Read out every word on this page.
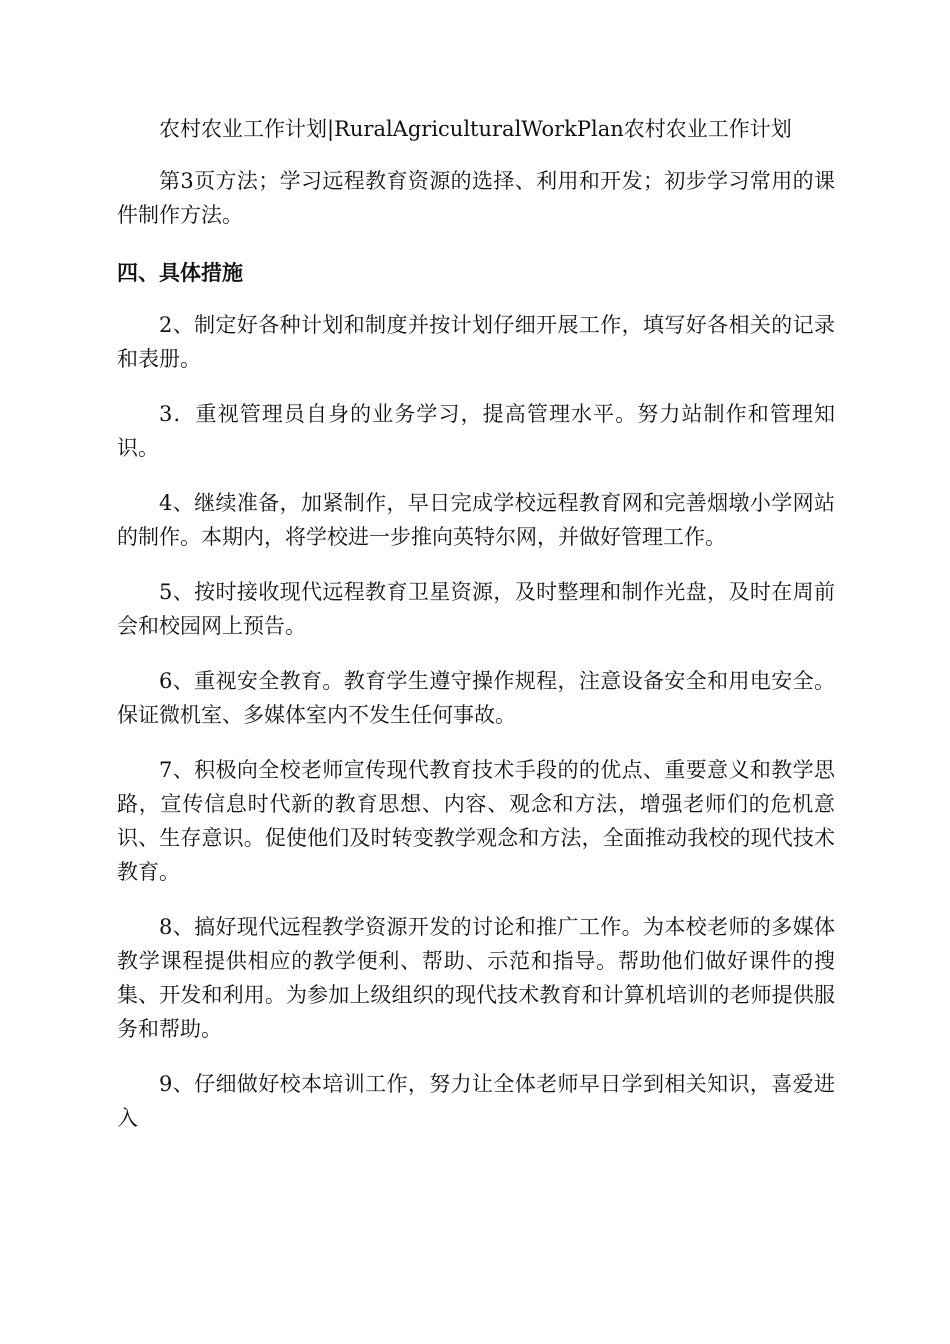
农村农业工作计划|RuralAgriculturalWorkPlan农村农业工作计划

第3页方法；学习远程教育资源的选择、利用和开发；初步学习常用的课件制作方法。

四、具体措施

2、制定好各种计划和制度并按计划仔细开展工作，填写好各相关的记录和表册。

3．重视管理员自身的业务学习，提高管理水平。努力站制作和管理知识。

4、继续准备，加紧制作，早日完成学校远程教育网和完善烟墩小学网站的制作。本期内，将学校进一步推向英特尔网，并做好管理工作。

5、按时接收现代远程教育卫星资源，及时整理和制作光盘，及时在周前会和校园网上预告。

6、重视安全教育。教育学生遵守操作规程，注意设备安全和用电安全。保证微机室、多媒体室内不发生任何事故。

7、积极向全校老师宣传现代教育技术手段的的优点、重要意义和教学思路，宣传信息时代新的教育思想、内容、观念和方法，增强老师们的危机意识、生存意识。促使他们及时转变教学观念和方法，全面推动我校的现代技术教育。

8、搞好现代远程教学资源开发的讨论和推广工作。为本校老师的多媒体教学课程提供相应的教学便利、帮助、示范和指导。帮助他们做好课件的搜集、开发和利用。为参加上级组织的现代技术教育和计算机培训的老师提供服务和帮助。

9、仔细做好校本培训工作，努力让全体老师早日学到相关知识，喜爱进入
